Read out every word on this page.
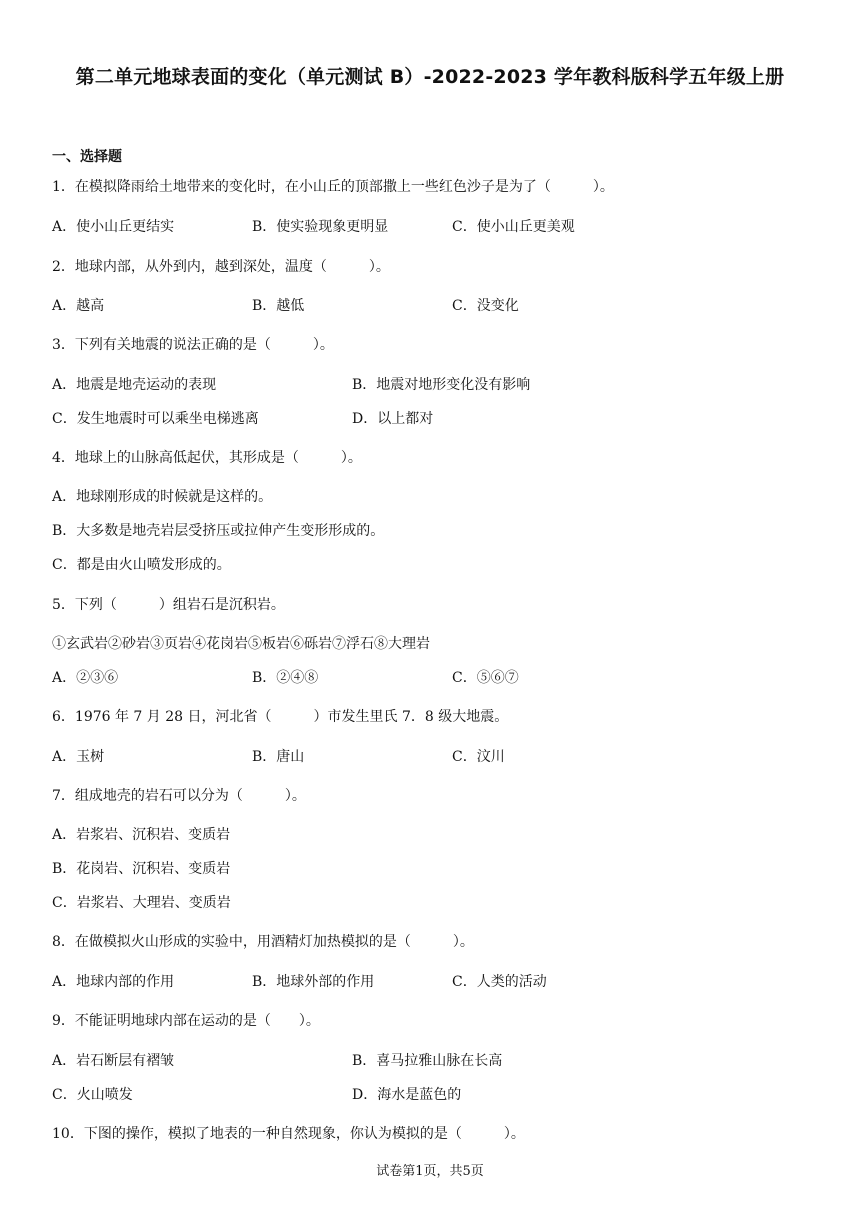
第二单元地球表面的变化（单元测试 B）-2022-2023 学年教科版科学五年级上册
一、选择题
1．在模拟降雨给土地带来的变化时，在小山丘的顶部撒上一些红色沙子是为了（　　　）。
A．使小山丘更结实	B．使实验现象更明显	C．使小山丘更美观
2．地球内部，从外到内，越到深处，温度（　　　）。
A．越高	B．越低	C．没变化
3．下列有关地震的说法正确的是（　　　）。
A．地震是地壳运动的表现	B．地震对地形变化没有影响
C．发生地震时可以乘坐电梯逃离	D．以上都对
4．地球上的山脉高低起伏，其形成是（　　　）。
A．地球刚形成的时候就是这样的。
B．大多数是地壳岩层受挤压或拉伸产生变形形成的。
C．都是由火山喷发形成的。
5．下列（　　　）组岩石是沉积岩。
①玄武岩②砂岩③页岩④花岗岩⑤板岩⑥砾岩⑦浮石⑧大理岩
A．②③⑥	B．②④⑧	C．⑤⑥⑦
6．1976 年 7 月 28 日，河北省（　　　）市发生里氏 7．8 级大地震。
A．玉树	B．唐山	C．汶川
7．组成地壳的岩石可以分为（　　　）。
A．岩浆岩、沉积岩、变质岩
B．花岗岩、沉积岩、变质岩
C．岩浆岩、大理岩、变质岩
8．在做模拟火山形成的实验中，用酒精灯加热模拟的是（　　　）。
A．地球内部的作用	B．地球外部的作用	C．人类的活动
9．不能证明地球内部在运动的是（　　）。
A．岩石断层有褶皱	B．喜马拉雅山脉在长高
C．火山喷发	D．海水是蓝色的
10．下图的操作，模拟了地表的一种自然现象，你认为模拟的是（　　　）。
试卷第1页，共5页
